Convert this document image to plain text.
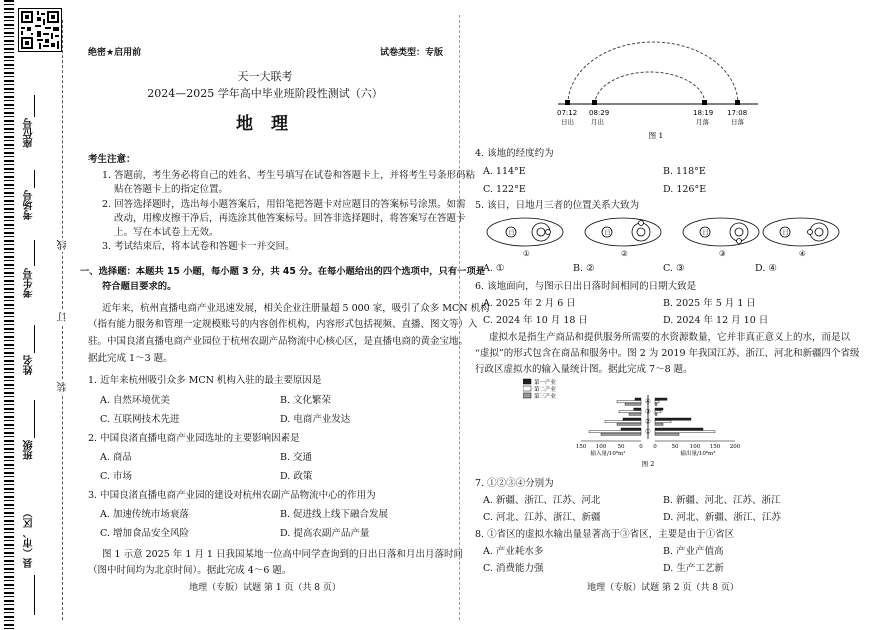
座位号
考场号
考生号
姓名
班级
县（市、区）
线
订
装
绝密★启用前	试卷类型：专版
天一大联考
2024—2025 学年高中毕业班阶段性测试（六）
地 理
考生注意：
1. 答题前，考生务必将自己的姓名、考生号填写在试卷和答题卡上，并将考生号条形码粘
贴在答题卡上的指定位置。
2. 回答选择题时，选出每小题答案后，用铅笔把答题卡对应题目的答案标号涂黑。如需
改动，用橡皮擦干净后，再选涂其他答案标号。回答非选择题时，将答案写在答题卡
上。写在本试卷上无效。
3. 考试结束后，将本试卷和答题卡一并交回。
一、选择题：本题共 15 小题，每小题 3 分，共 45 分。在每小题给出的四个选项中，只有一项是
符合题目要求的。
近年来，杭州直播电商产业迅速发展，相关企业注册量超 5 000 家，吸引了众多 MCN 机构
（指有能力服务和管理一定规模账号的内容创作机构，内容形式包括视频、直播、图文等）入
驻。中国良渚直播电商产业园位于杭州农副产品物流中心核心区，是直播电商的黄金宝地。
据此完成 1～3 题。
1. 近年来杭州吸引众多 MCN 机构入驻的最主要原因是
A. 自然环境优美	B. 文化繁荣
C. 互联网技术先进	D. 电商产业发达
2. 中国良渚直播电商产业园选址的主要影响因素是
A. 商品	B. 交通
C. 市场	D. 政策
3. 中国良渚直播电商产业园的建设对杭州农副产品物流中心的作用为
A. 加速传统市场衰落	B. 促进线上线下融合发展
C. 增加食品安全风险	D. 提高农副产品产量
图 1 示意 2025 年 1 月 1 日我国某地一位高中同学查询到的日出日落和月出月落时间
（图中时间均为北京时间）。据此完成 4～6 题。
地理（专版）试题 第 1 页（共 8 页）
07:12
日出
08:29
月出
18:19
月落
17:08
日落
图 1
4. 该地的经度约为
A. 114°E	B. 118°E
C. 122°E	D. 126°E
5. 该日，日地月三者的位置关系大致为
日
①
日
②
日
③
日
④
A. ①	B. ②	C. ③	D. ④
6. 该地面向，与图示日出日落时间相同的日期大致是
A. 2025 年 2 月 6 日	B. 2025 年 5 月 1 日
C. 2024 年 10 月 18 日	D. 2024 年 12 月 10 日
虚拟水是指生产商品和提供服务所需要的水资源数量，它并非真正意义上的水，而是以
“虚拟”的形式包含在商品和服务中。图 2 为 2019 年我国江苏、浙江、河北和新疆四个省级
行政区虚拟水的输入量统计图。据此完成 7～8 题。
第一产业
第二产业
第三产业
④
③
②
①
150 100 50	0 0	50 100 150 200
输入量/10⁸m³	输出量/10⁸m³
图 2
7. ①②③④分别为
A. 新疆、浙江、江苏、河北	B. 新疆、河北、江苏、浙江
C. 河北、江苏、浙江、新疆	D. 河北、新疆、浙江、江苏
8. ①省区的虚拟水输出量显著高于③省区，主要是由于①省区
A. 产业耗水多	B. 产业产值高
C. 消费能力强	D. 生产工艺新
地理（专版）试题 第 2 页（共 8 页）
